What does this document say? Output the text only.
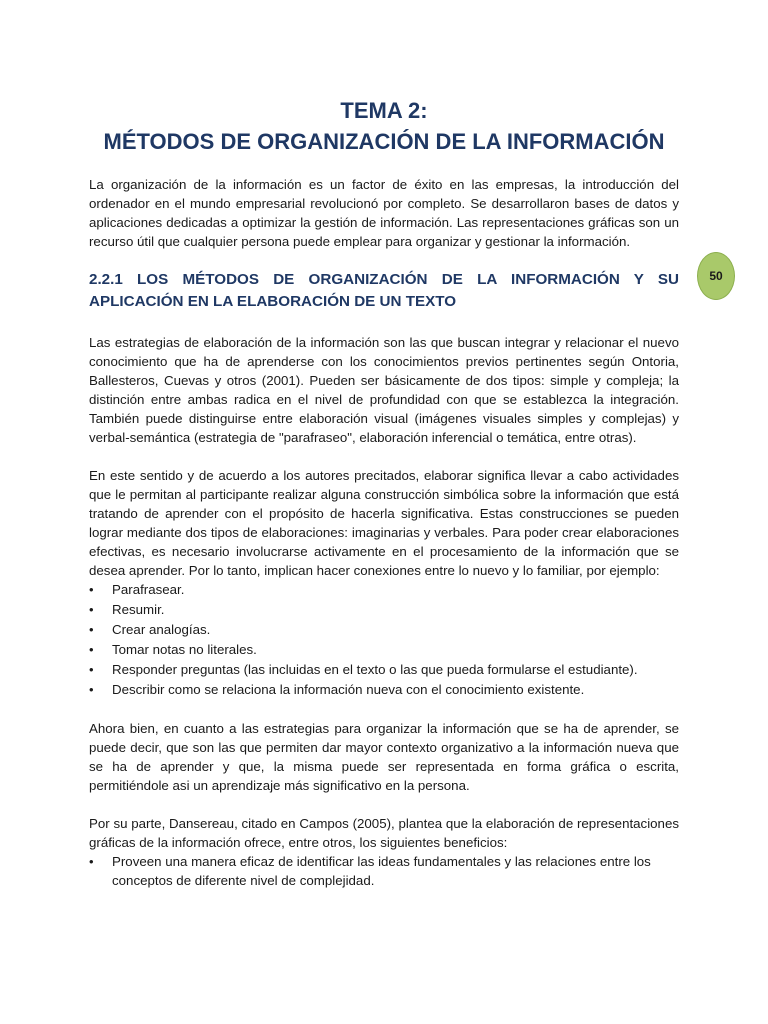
TEMA 2:
MÉTODOS DE ORGANIZACIÓN DE LA INFORMACIÓN
50

La organización de la información es un factor de éxito en las empresas, la introducción del ordenador en el mundo empresarial revolucionó por completo. Se desarrollaron bases de datos y aplicaciones dedicadas a optimizar la gestión de información. Las representaciones gráficas son un recurso útil que cualquier persona puede emplear para organizar y gestionar la información.

2.2.1 LOS MÉTODOS DE ORGANIZACIÓN DE LA INFORMACIÓN Y SU APLICACIÓN EN LA ELABORACIÓN DE UN TEXTO

Las estrategias de elaboración de la información son las que buscan integrar y relacionar el nuevo conocimiento que ha de aprenderse con los conocimientos previos pertinentes según Ontoria, Ballesteros, Cuevas y otros (2001). Pueden ser básicamente de dos tipos: simple y compleja; la distinción entre ambas radica en el nivel de profundidad con que se establezca la integración. También puede distinguirse entre elaboración visual (imágenes visuales simples y complejas) y verbal-semántica (estrategia de "parafraseo", elaboración inferencial o temática, entre otras).

En este sentido y de acuerdo a los autores precitados, elaborar significa llevar a cabo actividades que le permitan al participante realizar alguna construcción simbólica sobre la información que está tratando de aprender con el propósito de hacerla significativa. Estas construcciones se pueden lograr mediante dos tipos de elaboraciones: imaginarias y verbales. Para poder crear elaboraciones efectivas, es necesario involucrarse activamente en el procesamiento de la información que se desea aprender. Por lo tanto, implican hacer conexiones entre lo nuevo y lo familiar, por ejemplo:

• Parafrasear.
• Resumir.
• Crear analogías.
• Tomar notas no literales.
• Responder preguntas (las incluidas en el texto o las que pueda formularse el estudiante).
• Describir como se relaciona la información nueva con el conocimiento existente.

Ahora bien, en cuanto a las estrategias para organizar la información que se ha de aprender, se puede decir, que son las que permiten dar mayor contexto organizativo a la información nueva que se ha de aprender y que, la misma puede ser representada en forma gráfica o escrita, permitiéndole asi un aprendizaje más significativo en la persona.

Por su parte, Dansereau, citado en Campos (2005), plantea que la elaboración de representaciones gráficas de la información ofrece, entre otros, los siguientes beneficios:

• Proveen una manera eficaz de identificar las ideas fundamentales y las relaciones entre los conceptos de diferente nivel de complejidad.
